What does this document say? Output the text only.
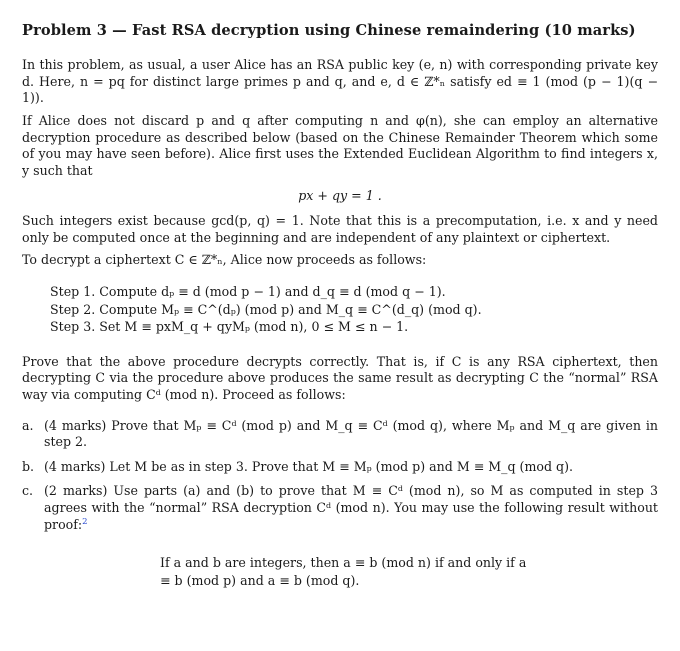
Problem 3 — Fast RSA decryption using Chinese remaindering (10 marks)

In this problem, as usual, a user Alice has an RSA public key (e, n) with corresponding private key d. Here, n = pq for distinct large primes p and q, and e, d ∈ ℤ*ₙ satisfy ed ≡ 1 (mod (p − 1)(q − 1)).

If Alice does not discard p and q after computing n and φ(n), she can employ an alternative decryption procedure as described below (based on the Chinese Remainder Theorem which some of you may have seen before). Alice first uses the Extended Euclidean Algorithm to find integers x, y such that

px + qy = 1 .

Such integers exist because gcd(p, q) = 1. Note that this is a precomputation, i.e. x and y need only be computed once at the beginning and are independent of any plaintext or ciphertext.

To decrypt a ciphertext C ∈ ℤ*ₙ, Alice now proceeds as follows:

Step 1. Compute dₚ ≡ d (mod p − 1) and d_q ≡ d (mod q − 1).
Step 2. Compute Mₚ ≡ C^(dₚ) (mod p) and M_q ≡ C^(d_q) (mod q).
Step 3. Set M ≡ pxM_q + qyMₚ (mod n), 0 ≤ M ≤ n − 1.

Prove that the above procedure decrypts correctly. That is, if C is any RSA ciphertext, then decrypting C via the procedure above produces the same result as decrypting C the “normal” RSA way via computing Cᵈ (mod n). Proceed as follows:

a. (4 marks) Prove that Mₚ ≡ Cᵈ (mod p) and M_q ≡ Cᵈ (mod q), where Mₚ and M_q are given in step 2.
b. (4 marks) Let M be as in step 3. Prove that M ≡ Mₚ (mod p) and M ≡ M_q (mod q).
c. (2 marks) Use parts (a) and (b) to prove that M ≡ Cᵈ (mod n), so M as computed in step 3 agrees with the “normal” RSA decryption Cᵈ (mod n). You may use the following result without proof:$^2$
If a and b are integers, then a ≡ b (mod n) if and only if a ≡ b (mod p) and a ≡ b (mod q).
